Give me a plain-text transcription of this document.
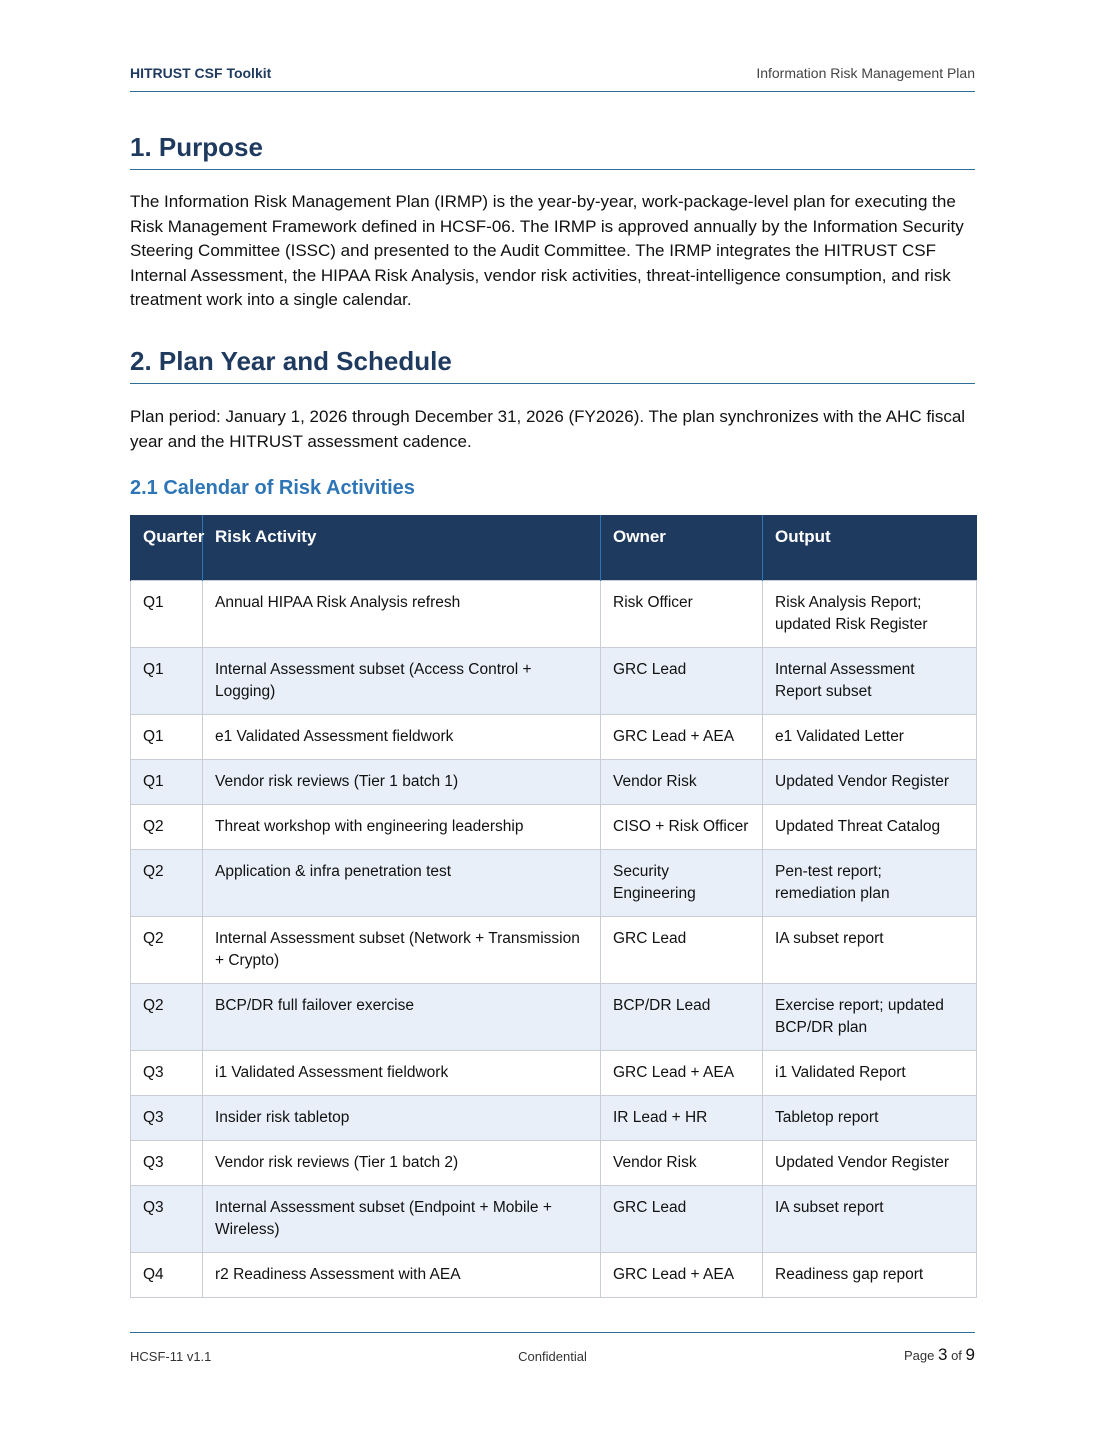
HITRUST CSF Toolkit	Information Risk Management Plan
1. Purpose

The Information Risk Management Plan (IRMP) is the year-by-year, work-package-level plan for executing the Risk Management Framework defined in HCSF-06. The IRMP is approved annually by the Information Security Steering Committee (ISSC) and presented to the Audit Committee. The IRMP integrates the HITRUST CSF Internal Assessment, the HIPAA Risk Analysis, vendor risk activities, threat-intelligence consumption, and risk treatment work into a single calendar.

2. Plan Year and Schedule

Plan period: January 1, 2026 through December 31, 2026 (FY2026). The plan synchronizes with the AHC fiscal year and the HITRUST assessment cadence.

2.1 Calendar of Risk Activities
Quarter	Risk Activity	Owner	Output
Q1	Annual HIPAA Risk Analysis refresh	Risk Officer	Risk Analysis Report; updated Risk Register
Q1	Internal Assessment subset (Access Control + Logging)	GRC Lead	Internal Assessment Report subset
Q1	e1 Validated Assessment fieldwork	GRC Lead + AEA	e1 Validated Letter
Q1	Vendor risk reviews (Tier 1 batch 1)	Vendor Risk	Updated Vendor Register
Q2	Threat workshop with engineering leadership	CISO + Risk Officer	Updated Threat Catalog
Q2	Application & infra penetration test	Security Engineering	Pen-test report; remediation plan
Q2	Internal Assessment subset (Network + Transmission + Crypto)	GRC Lead	IA subset report
Q2	BCP/DR full failover exercise	BCP/DR Lead	Exercise report; updated BCP/DR plan
Q3	i1 Validated Assessment fieldwork	GRC Lead + AEA	i1 Validated Report
Q3	Insider risk tabletop	IR Lead + HR	Tabletop report
Q3	Vendor risk reviews (Tier 1 batch 2)	Vendor Risk	Updated Vendor Register
Q3	Internal Assessment subset (Endpoint + Mobile + Wireless)	GRC Lead	IA subset report
Q4	r2 Readiness Assessment with AEA	GRC Lead + AEA	Readiness gap report
HCSF-11 v1.1	Confidential	Page 3 of 9
